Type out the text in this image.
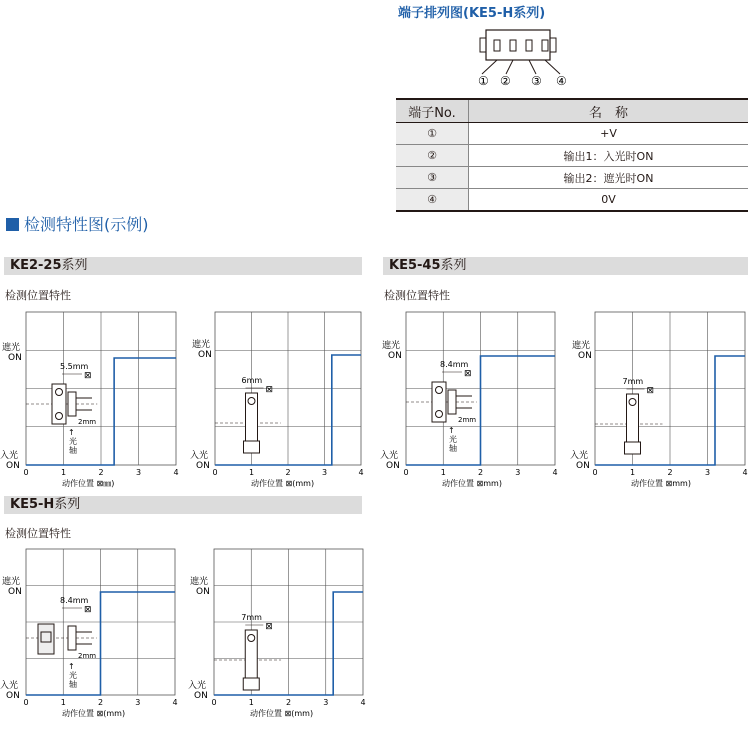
端子排列图(KE5-H系列)
① ② ③ ④
端子No.	名　称
①	+V
②	输出1：入光时ON
③	输出2：遮光时ON
④	0V
检测特性图(示例)
KE2-25系列
检测位置特性
KE5-45系列
检测位置特性
KE5-H系列
检测位置特性
遮光
ON
入光
ON
0	1	2	3	4
动作位置 ⊠㎜)
5.5mm
⊠
2mm
↑
光
轴
遮光
ON
入光
ON
0	1	2	3	4
动作位置 ⊠(mm)
6mm
⊠
遮光
ON
入光
ON
0	1	2	3	4
动作位置 ⊠mm)
8.4mm
⊠
2mm
↑
光
轴
遮光
ON
入光
ON
0	1	2	3	4
动作位置 ⊠mm)
7mm
⊠
遮光
ON
入光
ON
0	1	2	3	4
动作位置 ⊠(mm)
8.4mm
⊠
2mm
↑
光
轴
遮光
ON
入光
ON
0	1	2	3	4
动作位置 ⊠(mm)
7mm
⊠
